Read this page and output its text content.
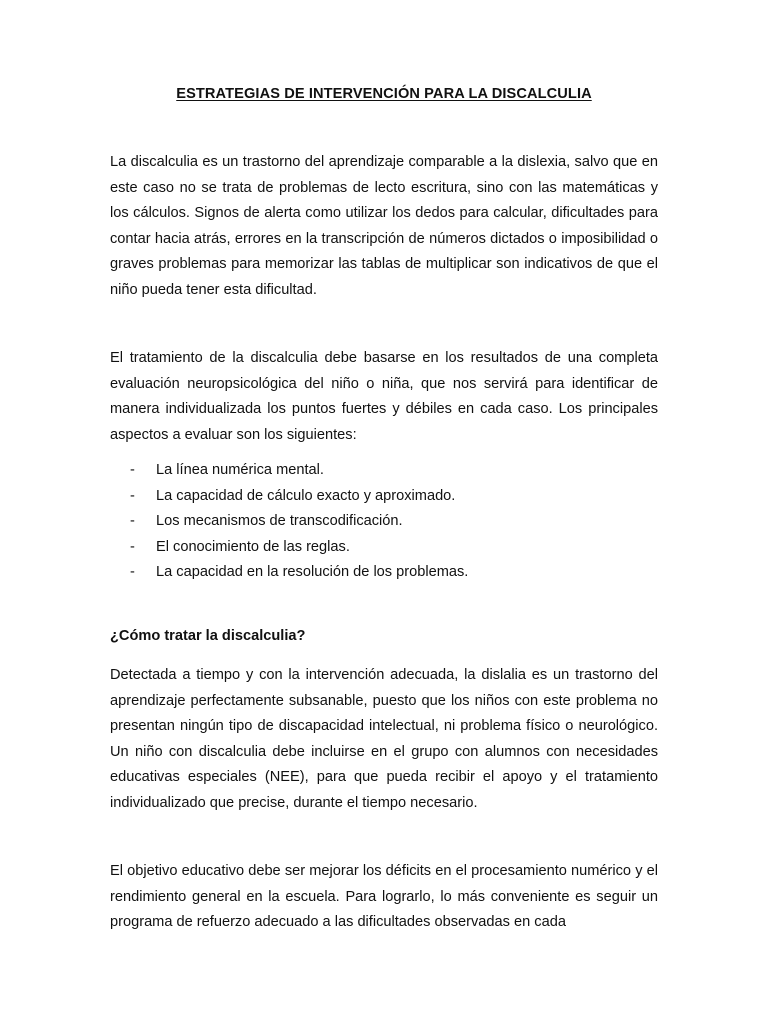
ESTRATEGIAS DE INTERVENCIÓN PARA LA DISCALCULIA

La discalculia es un trastorno del aprendizaje comparable a la dislexia, salvo que en este caso no se trata de problemas de lecto escritura, sino con las matemáticas y los cálculos. Signos de alerta como utilizar los dedos para calcular, dificultades para contar hacia atrás, errores en la transcripción de números dictados o imposibilidad o graves problemas para memorizar las tablas de multiplicar son indicativos de que el niño pueda tener esta dificultad.

El tratamiento de la discalculia debe basarse en los resultados de una completa evaluación neuropsicológica del niño o niña, que nos servirá para identificar de manera individualizada los puntos fuertes y débiles en cada caso. Los principales aspectos a evaluar son los siguientes:

- La línea numérica mental.
- La capacidad de cálculo exacto y aproximado.
- Los mecanismos de transcodificación.
- El conocimiento de las reglas.
- La capacidad en la resolución de los problemas.
¿Cómo tratar la discalculia?

Detectada a tiempo y con la intervención adecuada, la dislalia es un trastorno del aprendizaje perfectamente subsanable, puesto que los niños con este problema no presentan ningún tipo de discapacidad intelectual, ni problema físico o neurológico. Un niño con discalculia debe incluirse en el grupo con alumnos con necesidades educativas especiales (NEE), para que pueda recibir el apoyo y el tratamiento individualizado que precise, durante el tiempo necesario.

El objetivo educativo debe ser mejorar los déficits en el procesamiento numérico y el rendimiento general en la escuela. Para lograrlo, lo más conveniente es seguir un programa de refuerzo adecuado a las dificultades observadas en cada
